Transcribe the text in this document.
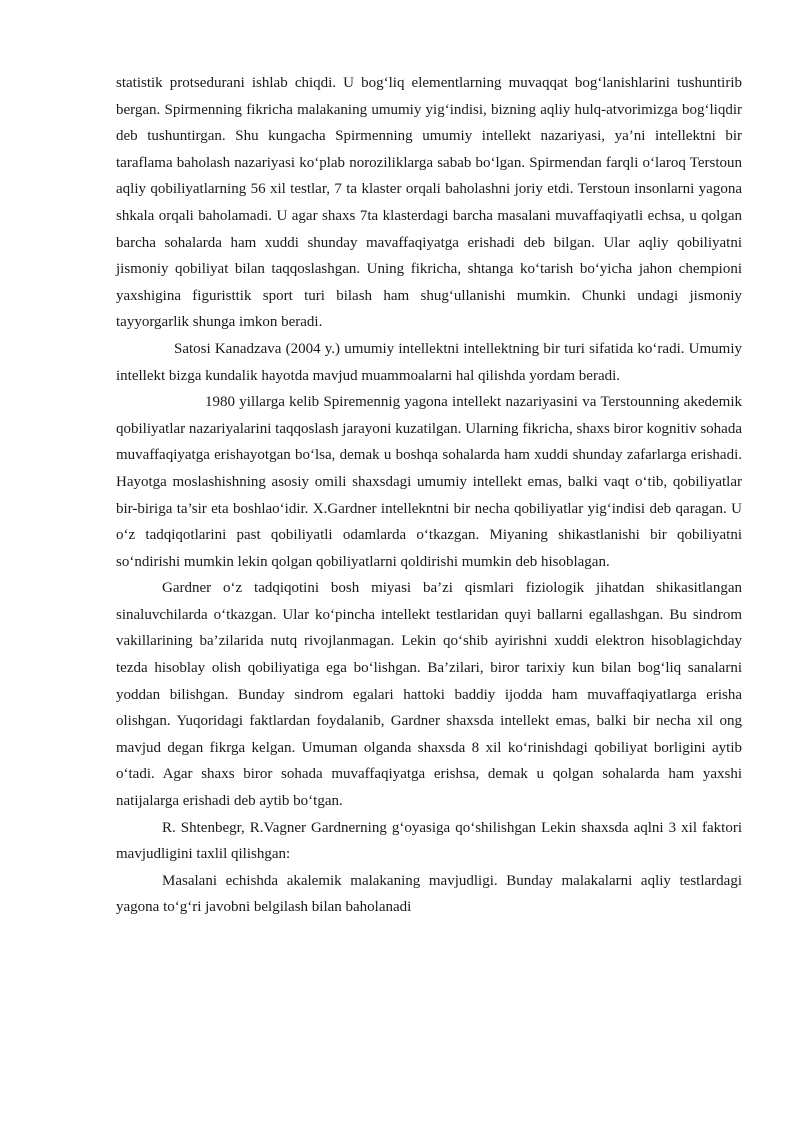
statistik protsedurani ishlab chiqdi. U bog‘liq elementlarning muvaqqat bog‘lanishlarini tushuntirib bergan. Spirmenning fikricha malakaning umumiy yig‘indisi, bizning aqliy hulq-atvorimizga bog‘liqdir deb tushuntirgan. Shu kungacha Spirmenning umumiy intellekt nazariyasi, ya’ni intellektni bir taraflama baholash nazariyasi ko‘plab noroziliklarga sabab bo‘lgan. Spirmendan farqli o‘laroq Terstoun aqliy qobiliyatlarning 56 xil testlar, 7 ta klaster orqali baholashni joriy etdi. Terstoun insonlarni yagona shkala orqali baholamadi. U agar shaxs 7ta klasterdagi barcha masalani muvaffaqiyatli echsa, u qolgan barcha sohalarda ham xuddi shunday mavaffaqiyatga erishadi deb bilgan. Ular aqliy qobiliyatni jismoniy qobiliyat bilan taqqoslashgan. Uning fikricha, shtanga ko‘tarish bo‘yicha jahon chempioni yaxshigina figuristtik sport turi bilash ham shug‘ullanishi mumkin. Chunki undagi jismoniy tayyorgarlik shunga imkon beradi.

Satosi Kanadzava (2004 y.) umumiy intellektni intellektning bir turi sifatida ko‘radi. Umumiy intellekt bizga kundalik hayotda mavjud muammoalarni hal qilishda yordam beradi.

1980 yillarga kelib Spiremennig yagona intellekt nazariyasini va Terstounning akedemik qobiliyatlar nazariyalarini taqqoslash jarayoni kuzatilgan. Ularning fikricha, shaxs biror kognitiv sohada muvaffaqiyatga erishayotgan bo‘lsa, demak u boshqa sohalarda ham xuddi shunday zafarlarga erishadi. Hayotga moslashishning asosiy omili shaxsdagi umumiy intellekt emas, balki vaqt o‘tib, qobiliyatlar bir-biriga ta’sir eta boshlao‘idir. X.Gardner intellekntni bir necha qobiliyatlar yig‘indisi deb qaragan. U o‘z tadqiqotlarini past qobiliyatli odamlarda o‘tkazgan. Miyaning shikastlanishi bir qobiliyatni so‘ndirishi mumkin lekin qolgan qobiliyatlarni qoldirishi mumkin deb hisoblagan.

Gardner o‘z tadqiqotini bosh miyasi ba’zi qismlari fiziologik jihatdan shikasitlangan sinaluvchilarda o‘tkazgan. Ular ko‘pincha intellekt testlaridan quyi ballarni egallashgan. Bu sindrom vakillarining ba’zilarida nutq rivojlanmagan. Lekin qo‘shib ayirishni xuddi elektron hisoblagichday tezda hisoblay olish qobiliyatiga ega bo‘lishgan. Ba’zilari, biror tarixiy kun bilan bog‘liq sanalarni yoddan bilishgan. Bunday sindrom egalari hattoki baddiy ijodda ham muvaffaqiyatlarga erisha olishgan. Yuqoridagi faktlardan foydalanib, Gardner shaxsda intellekt emas, balki bir necha xil ong mavjud degan fikrga kelgan. Umuman olganda shaxsda 8 xil ko‘rinishdagi qobiliyat borligini aytib o‘tadi. Agar shaxs biror sohada muvaffaqiyatga erishsa, demak u qolgan sohalarda ham yaxshi natijalarga erishadi deb aytib bo‘tgan.

R. Shtenbegr, R.Vagner Gardnerning g‘oyasiga qo‘shilishgan Lekin shaxsda aqlni 3 xil faktori mavjudligini taxlil qilishgan:

Masalani echishda akalemik malakaning mavjudligi. Bunday malakalarni aqliy testlardagi yagona to‘g‘ri javobni belgilash bilan baholanadi
